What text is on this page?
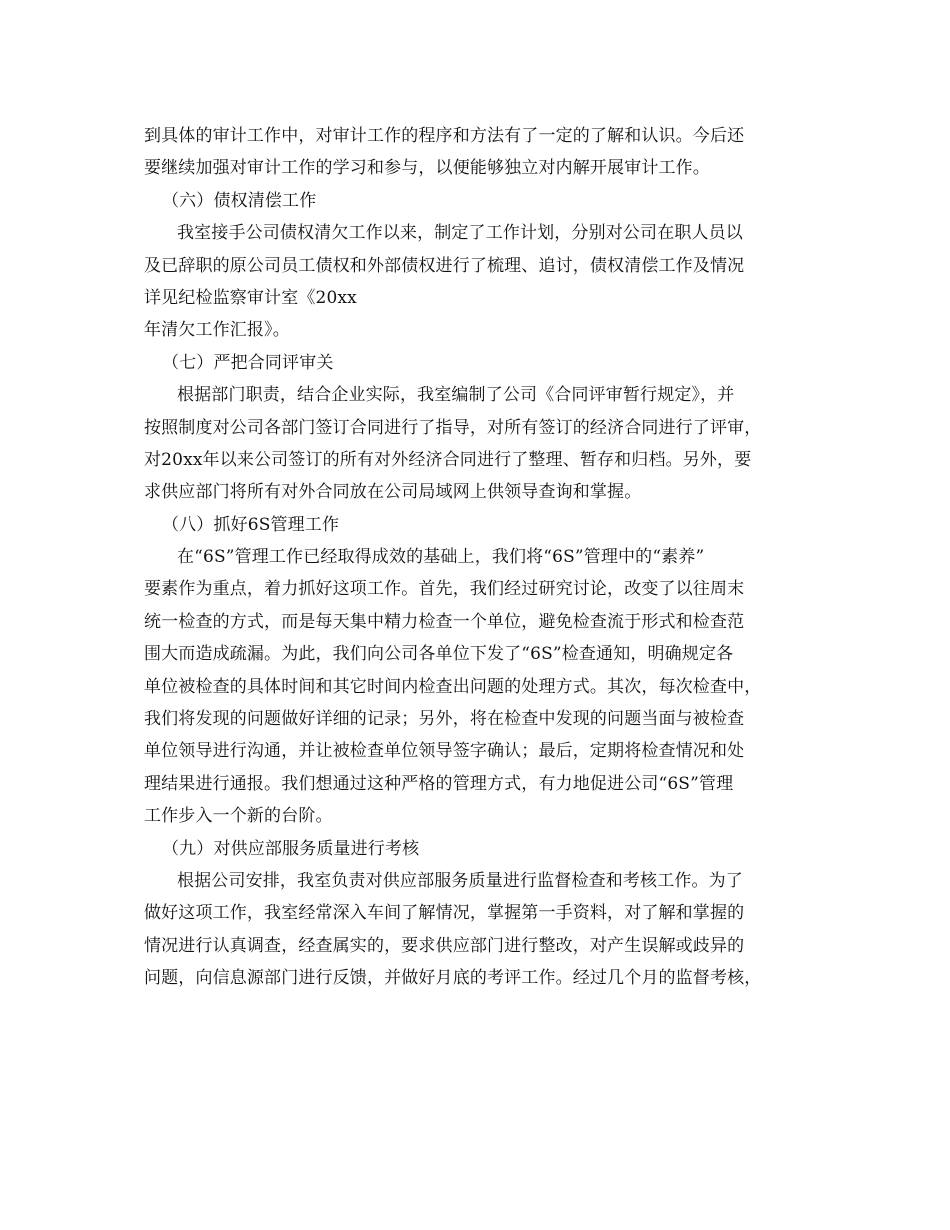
到具体的审计工作中，对审计工作的程序和方法有了一定的了解和认识。今后还
要继续加强对审计工作的学习和参与，以便能够独立对内解开展审计工作。
（六）债权清偿工作
我室接手公司债权清欠工作以来，制定了工作计划，分别对公司在职人员以
及已辞职的原公司员工债权和外部债权进行了梳理、追讨，债权清偿工作及情况
详见纪检监察审计室《20xx
年清欠工作汇报》。
（七）严把合同评审关
根据部门职责，结合企业实际，我室编制了公司《合同评审暂行规定》，并
按照制度对公司各部门签订合同进行了指导，对所有签订的经济合同进行了评审，
对20xx年以来公司签订的所有对外经济合同进行了整理、暂存和归档。另外，要
求供应部门将所有对外合同放在公司局域网上供领导查询和掌握。
（八）抓好6S管理工作
在“6S”管理工作已经取得成效的基础上，我们将“6S”管理中的“素养”
要素作为重点，着力抓好这项工作。首先，我们经过研究讨论，改变了以往周末
统一检查的方式，而是每天集中精力检查一个单位，避免检查流于形式和检查范
围大而造成疏漏。为此，我们向公司各单位下发了“6S”检查通知，明确规定各
单位被检查的具体时间和其它时间内检查出问题的处理方式。其次，每次检查中，
我们将发现的问题做好详细的记录；另外，将在检查中发现的问题当面与被检查
单位领导进行沟通，并让被检查单位领导签字确认；最后，定期将检查情况和处
理结果进行通报。我们想通过这种严格的管理方式，有力地促进公司“6S”管理
工作步入一个新的台阶。
（九）对供应部服务质量进行考核
根据公司安排，我室负责对供应部服务质量进行监督检查和考核工作。为了
做好这项工作，我室经常深入车间了解情况，掌握第一手资料，对了解和掌握的
情况进行认真调查，经查属实的，要求供应部门进行整改，对产生误解或歧异的
问题，向信息源部门进行反馈，并做好月底的考评工作。经过几个月的监督考核，
